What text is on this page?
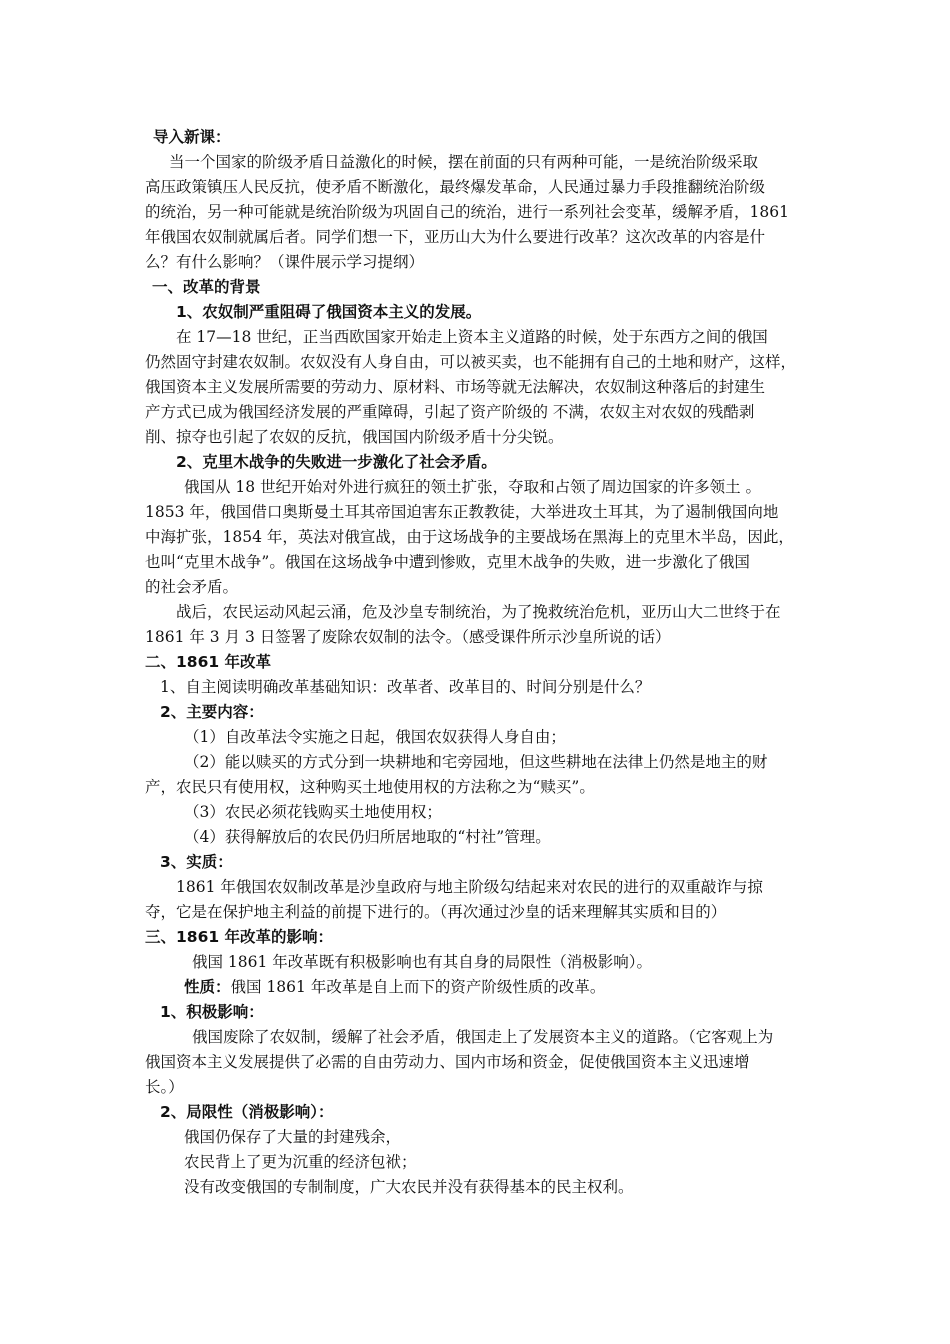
导入新课：
当一个国家的阶级矛盾日益激化的时候，摆在前面的只有两种可能，一是统治阶级采取
高压政策镇压人民反抗，使矛盾不断激化，最终爆发革命，人民通过暴力手段推翻统治阶级
的统治，另一种可能就是统治阶级为巩固自己的统治，进行一系列社会变革，缓解矛盾，1861
年俄国农奴制就属后者。同学们想一下，亚历山大为什么要进行改革？这次改革的内容是什
么？有什么影响？（课件展示学习提纲）
一、改革的背景
1、农奴制严重阻碍了俄国资本主义的发展。
在 17—18 世纪，正当西欧国家开始走上资本主义道路的时候，处于东西方之间的俄国
仍然固守封建农奴制。农奴没有人身自由，可以被买卖，也不能拥有自己的土地和财产，这样，
俄国资本主义发展所需要的劳动力、原材料、市场等就无法解决，农奴制这种落后的封建生
产方式已成为俄国经济发展的严重障碍，引起了资产阶级的 不满，农奴主对农奴的残酷剥
削、掠夺也引起了农奴的反抗，俄国国内阶级矛盾十分尖锐。
2、克里木战争的失败进一步激化了社会矛盾。
俄国从 18 世纪开始对外进行疯狂的领土扩张，夺取和占领了周边国家的许多领土 。
1853 年，俄国借口奥斯曼土耳其帝国迫害东正教教徒，大举进攻土耳其，为了遏制俄国向地
中海扩张，1854 年，英法对俄宣战，由于这场战争的主要战场在黑海上的克里木半岛，因此，
也叫“克里木战争”。俄国在这场战争中遭到惨败，克里木战争的失败，进一步激化了俄国
的社会矛盾。
战后，农民运动风起云涌，危及沙皇专制统治，为了挽救统治危机，亚历山大二世终于在
1861 年 3 月 3 日签署了废除农奴制的法令。（感受课件所示沙皇所说的话）
二、1861 年改革
1、自主阅读明确改革基础知识：改革者、改革目的、时间分别是什么？
2、主要内容：
（1）自改革法令实施之日起，俄国农奴获得人身自由；
（2）能以赎买的方式分到一块耕地和宅旁园地，但这些耕地在法律上仍然是地主的财
产，农民只有使用权，这种购买土地使用权的方法称之为“赎买”。
（3）农民必须花钱购买土地使用权；
（4）获得解放后的农民仍归所居地取的“村社”管理。
3、实质：
1861 年俄国农奴制改革是沙皇政府与地主阶级勾结起来对农民的进行的双重敲诈与掠
夺，它是在保护地主利益的前提下进行的。（再次通过沙皇的话来理解其实质和目的）
三、1861 年改革的影响：
俄国 1861 年改革既有积极影响也有其自身的局限性（消极影响）。
性质：俄国 1861 年改革是自上而下的资产阶级性质的改革。
1、积极影响：
俄国废除了农奴制，缓解了社会矛盾，俄国走上了发展资本主义的道路。（它客观上为
俄国资本主义发展提供了必需的自由劳动力、国内市场和资金，促使俄国资本主义迅速增
长。）
2、局限性（消极影响）：
俄国仍保存了大量的封建残余，
农民背上了更为沉重的经济包袱；
没有改变俄国的专制制度，广大农民并没有获得基本的民主权利。
